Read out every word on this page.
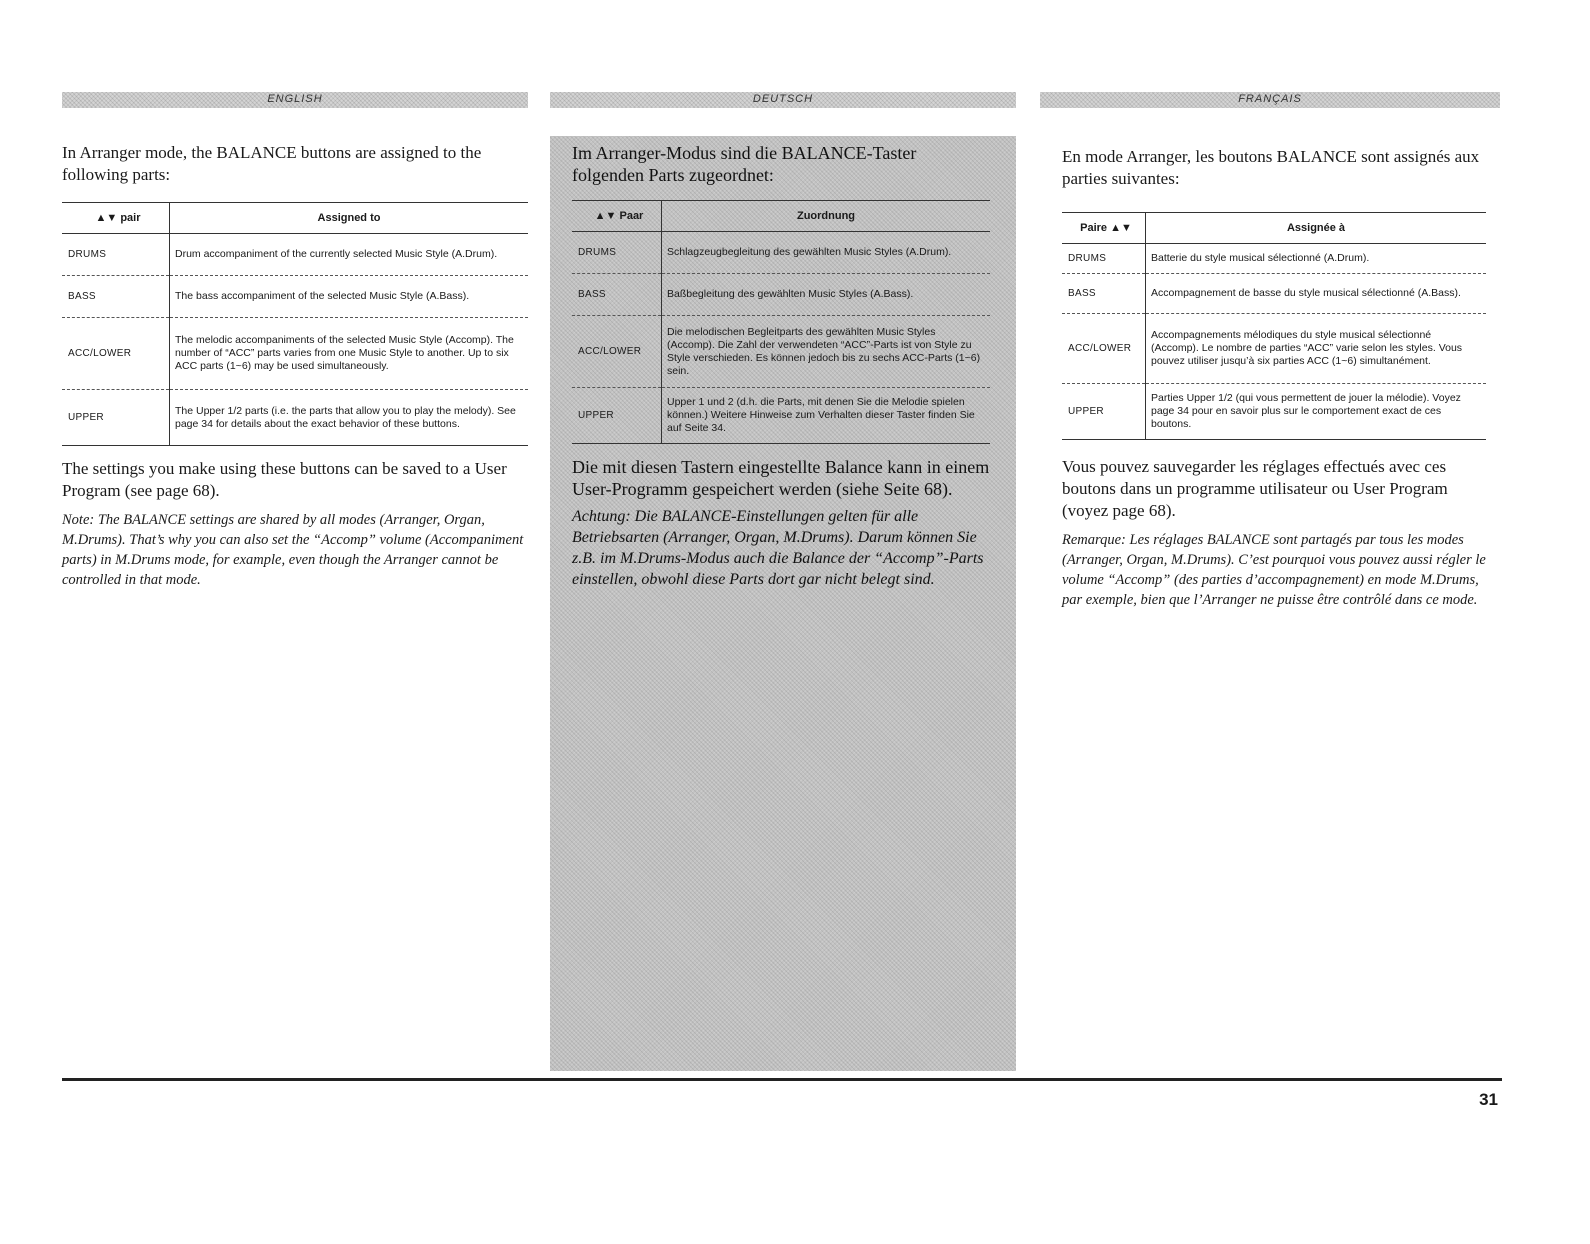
ENGLISH

In Arranger mode, the BALANCE buttons are assigned to the following parts:

▲▼ pair	Assigned to
DRUMS	Drum accompaniment of the currently selected Music Style (A.Drum).
BASS	The bass accompaniment of the selected Music Style (A.Bass).
ACC/LOWER	The melodic accompaniments of the selected Music Style (Accomp). The number of “ACC” parts varies from one Music Style to another. Up to six ACC parts (1~6) may be used simultaneously.
UPPER	The Upper 1/2 parts (i.e. the parts that allow you to play the melody). See page 34 for details about the exact behavior of these buttons.

The settings you make using these buttons can be saved to a User Program (see page 68).

Note: The BALANCE settings are shared by all modes (Arranger, Organ, M.Drums). That’s why you can also set the “Accomp” volume (Accompaniment parts) in M.Drums mode, for example, even though the Arranger cannot be controlled in that mode.

DEUTSCH

Im Arranger-Modus sind die BALANCE-Taster folgenden Parts zugeordnet:

▲▼ Paar	Zuordnung
DRUMS	Schlagzeugbegleitung des gewählten Music Styles (A.Drum).
BASS	Baßbegleitung des gewählten Music Styles (A.Bass).
ACC/LOWER	Die melodischen Begleitparts des gewählten Music Styles (Accomp). Die Zahl der verwendeten “ACC”-Parts ist von Style zu Style verschieden. Es können jedoch bis zu sechs ACC-Parts (1~6) sein.
UPPER	Upper 1 und 2 (d.h. die Parts, mit denen Sie die Melodie spielen können.) Weitere Hinweise zum Verhalten dieser Taster finden Sie auf Seite 34.

Die mit diesen Tastern eingestellte Balance kann in einem User-Programm gespeichert werden (siehe Seite 68).

Achtung: Die BALANCE-Einstellungen gelten für alle Betriebsarten (Arranger, Organ, M.Drums). Darum können Sie z.B. im M.Drums-Modus auch die Balance der “Accomp”-Parts einstellen, obwohl diese Parts dort gar nicht belegt sind.

FRANÇAIS

En mode Arranger, les boutons BALANCE sont assignés aux parties suivantes:

Paire ▲▼	Assignée à
DRUMS	Batterie du style musical sélectionné (A.Drum).
BASS	Accompagnement de basse du style musical sélectionné (A.Bass).
ACC/LOWER	Accompagnements mélodiques du style musical sélectionné (Accomp). Le nombre de parties “ACC” varie selon les styles. Vous pouvez utiliser jusqu’à six parties ACC (1~6) simultanément.
UPPER	Parties Upper 1/2 (qui vous permettent de jouer la mélodie). Voyez page 34 pour en savoir plus sur le comportement exact de ces boutons.

Vous pouvez sauvegarder les réglages effectués avec ces boutons dans un programme utilisateur ou User Program (voyez page 68).

Remarque: Les réglages BALANCE sont partagés par tous les modes (Arranger, Organ, M.Drums). C’est pourquoi vous pouvez aussi régler le volume “Accomp” (des parties d’accompagnement) en mode M.Drums, par exemple, bien que l’Arranger ne puisse être contrôlé dans ce mode.

31
